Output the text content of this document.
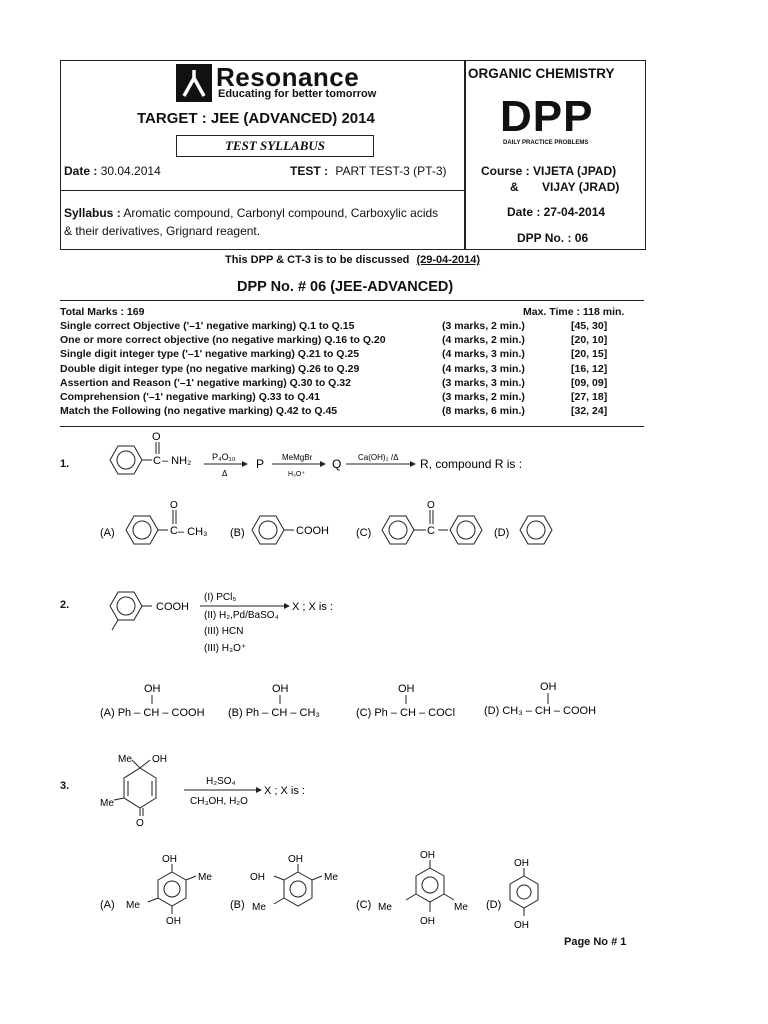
Resonance
Educating for better tomorrow
TARGET : JEE (ADVANCED) 2014
TEST SYLLABUS
Date : 30.04.2014	TEST : PART TEST-3 (PT-3)
Syllabus : Aromatic compound, Carbonyl compound, Carboxylic acids
& their derivatives, Grignard reagent.
ORGANIC CHEMISTRY
DPP
DAILY PRACTICE PROBLEMS
Course : VIJETA (JPAD)
& VIJAY (JRAD)
Date : 27-04-2014
DPP No. : 06
This DPP & CT-3 is to be discussed (29-04-2014)
DPP No. # 06 (JEE-ADVANCED)
Total Marks : 169	Max. Time : 118 min.
Single correct Objective ('–1' negative marking) Q.1 to Q.15	(3 marks, 2 min.)	[45, 30]
One or more correct objective (no negative marking) Q.16 to Q.20	(4 marks, 2 min.)	[20, 10]
Single digit integer type ('–1' negative marking) Q.21 to Q.25	(4 marks, 3 min.)	[20, 15]
Double digit integer type (no negative marking) Q.26 to Q.29	(4 marks, 3 min.)	[16, 12]
Assertion and Reason ('–1' negative marking) Q.30 to Q.32	(3 marks, 3 min.)	[09, 09]
Comprehension ('–1' negative marking) Q.33 to Q.41	(3 marks, 2 min.)	[27, 18]
Match the Following (no negative marking) Q.42 to Q.45	(8 marks, 6 min.)	[32, 24]
1.
O
C – NH₂ P₄O₁₀
Δ
P MeMgBr
H₃O⁺
Q Ca(OH)₂ /Δ R, compound R is :
(A)
O
C – CH₃ (B)	COOH (C)
O
C	(D)
2.	COOH
(I) PCl₅
(II) H₂,Pd/BaSO₄
(III) HCN
(III) H₃O⁺
X ; X is :
OH
(A) Ph – CH – COOH
OH
(B) Ph – CH – CH₃
OH
(C) Ph – CH – COCl
OH
(D) CH₃ – CH – COOH
3.
Me OH
Me
O
H₂SO₄
CH₃OH, H₂O
X ; X is :
(A)
OH
Me
Me
OH
(B)
OH
Me
OH
Me	(C)
OH
Me
Me
OH
(D)
OH
OH
Page No # 1
